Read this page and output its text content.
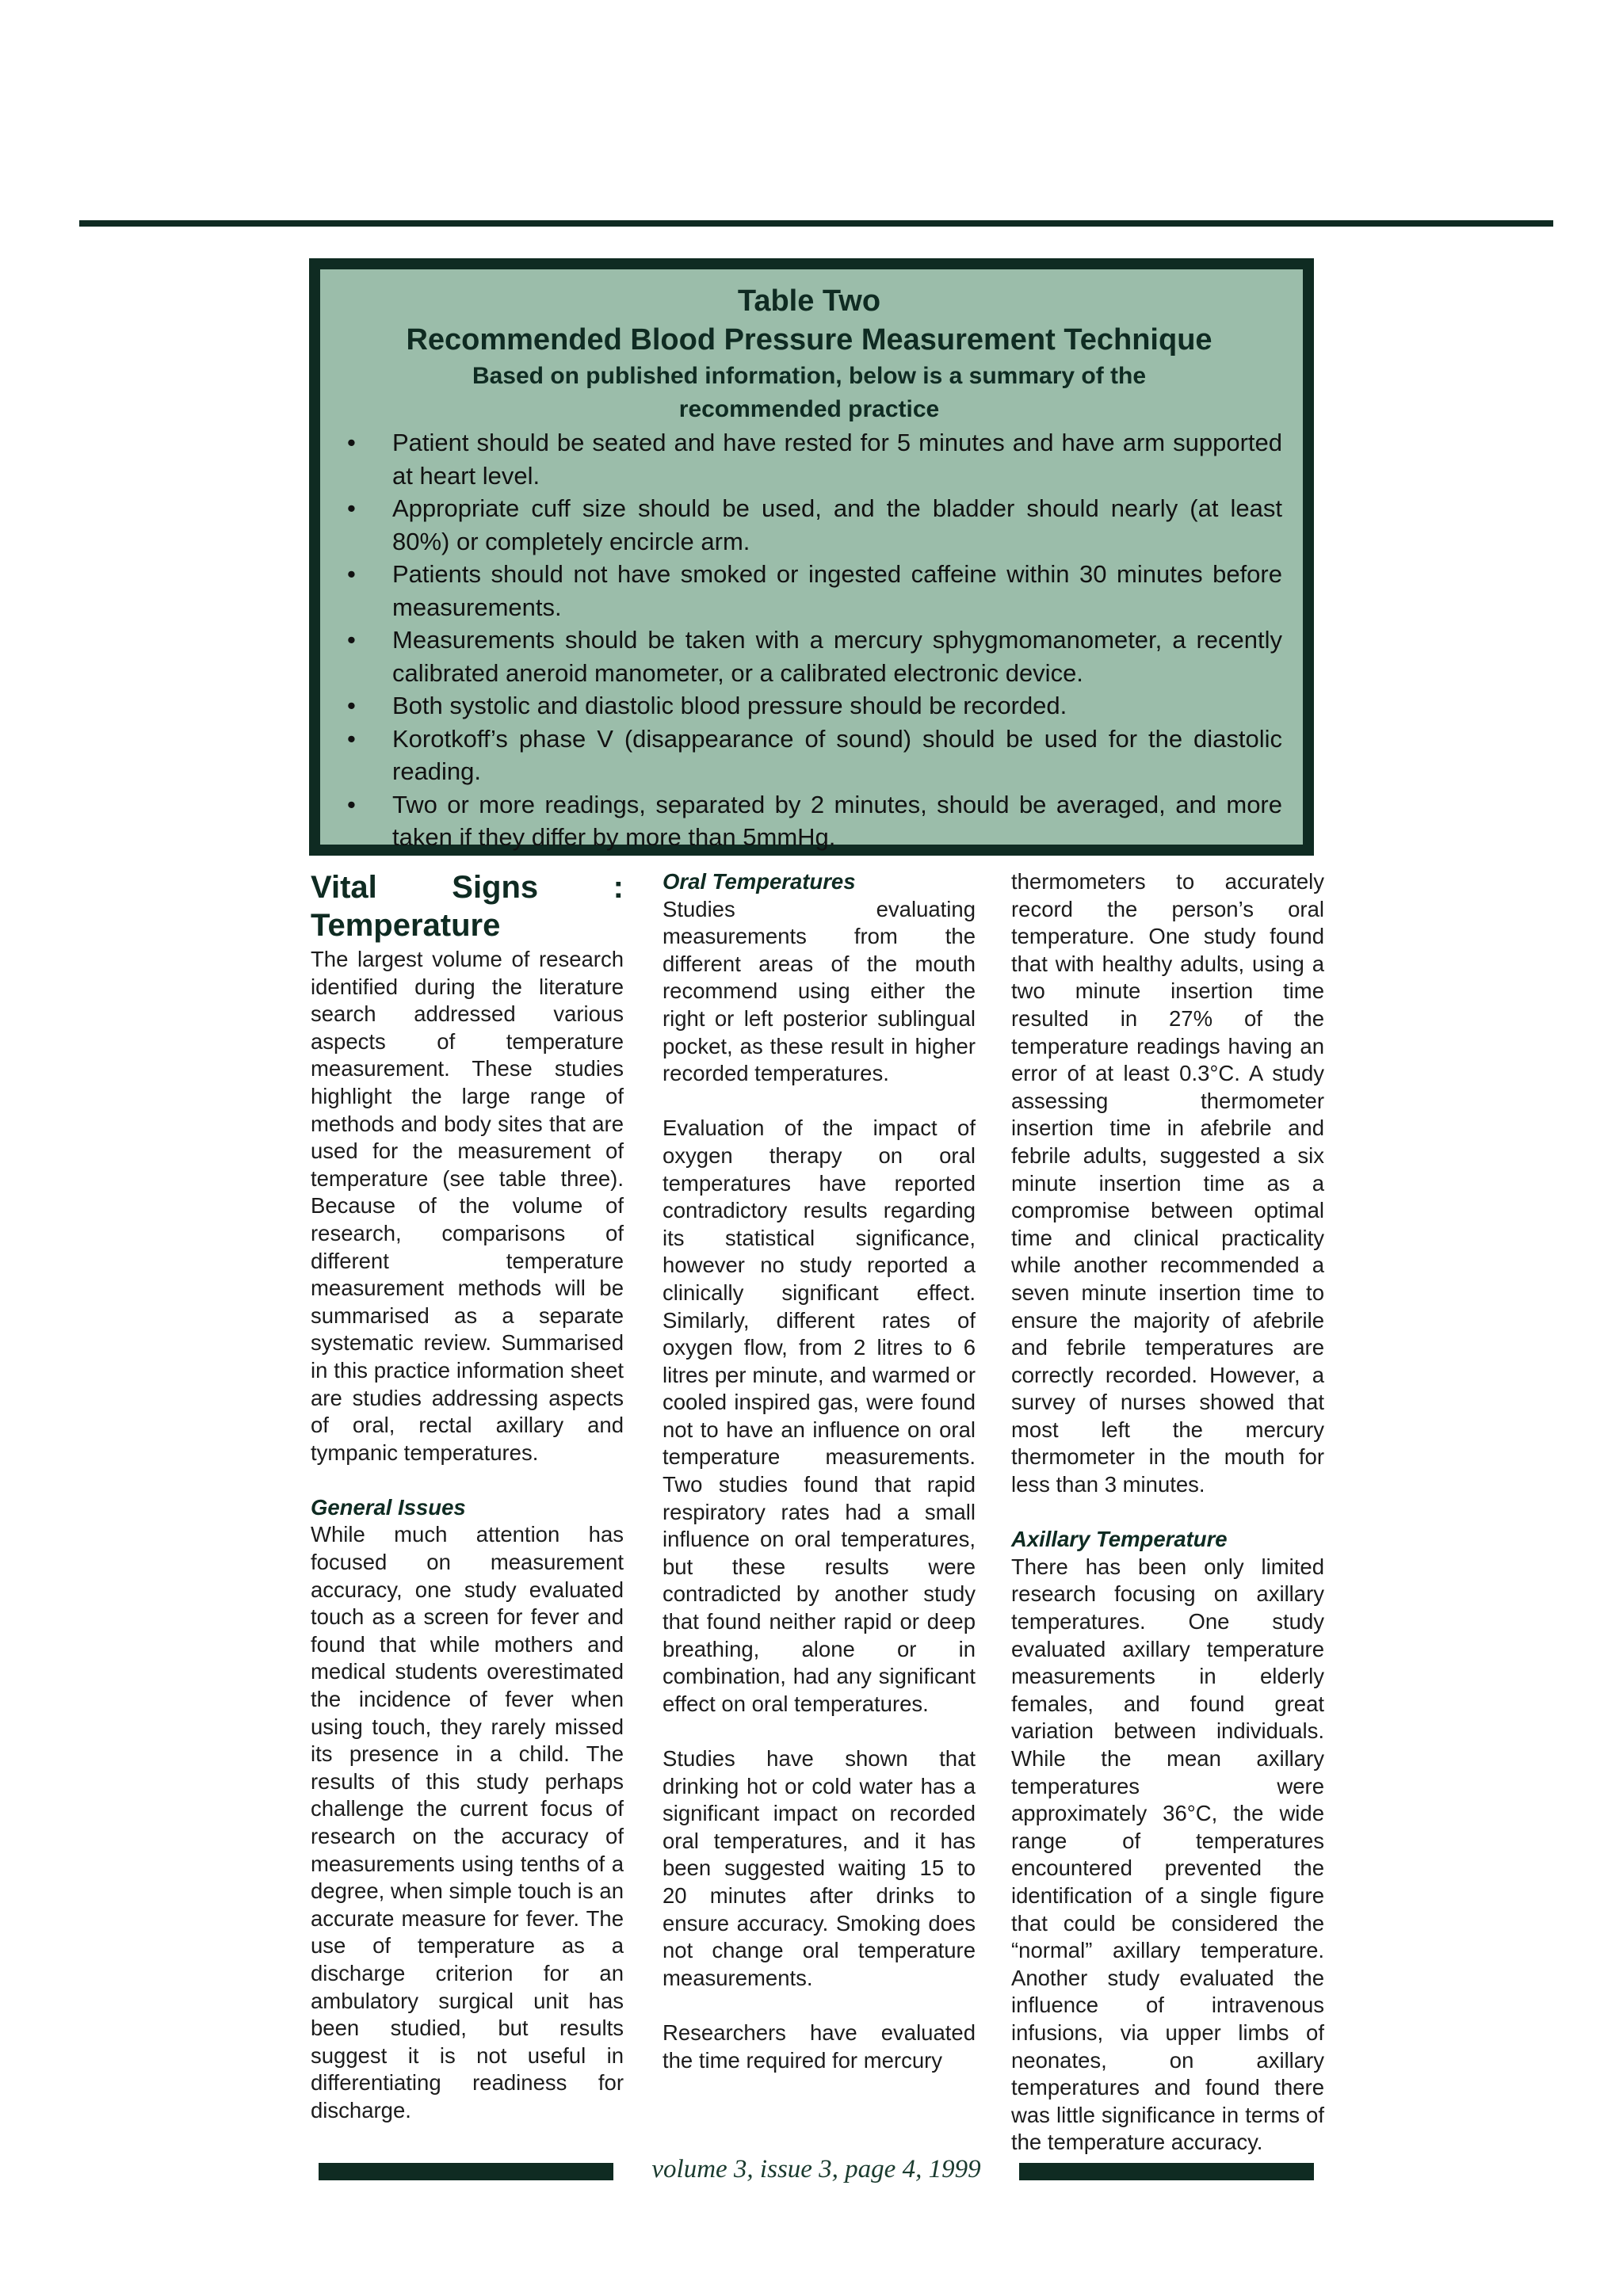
Table Two

Recommended Blood Pressure Measurement Technique

Based on published information, below is a summary of the recommended practice

• Patient should be seated and have rested for 5 minutes and have arm supported at heart level.
• Appropriate cuff size should be used, and the bladder should nearly (at least 80%) or completely encircle arm.
• Patients should not have smoked or ingested caffeine within 30 minutes before measurements.
• Measurements should be taken with a mercury sphygmomanometer, a recently calibrated aneroid manometer, or a calibrated electronic device.
• Both systolic and diastolic blood pressure should be recorded.
• Korotkoff’s phase V (disappearance of sound) should be used for the diastolic reading.
• Two or more readings, separated by 2 minutes, should be averaged, and more taken if they differ by more than 5mmHg.
Vital Signs : Temperature

The largest volume of research identified during the literature search addressed various aspects of temperature measurement. These studies highlight the large range of methods and body sites that are used for the measurement of temperature (see table three). Because of the volume of research, comparisons of different temperature measurement methods will be summarised as a separate systematic review. Summarised in this practice information sheet are studies addressing aspects of oral, rectal axillary and tympanic temperatures.

General Issues

While much attention has focused on measurement accuracy, one study evaluated touch as a screen for fever and found that while mothers and medical students overestimated the incidence of fever when using touch, they rarely missed its presence in a child. The results of this study perhaps challenge the current focus of research on the accuracy of measurements using tenths of a degree, when simple touch is an accurate measure for fever. The use of temperature as a discharge criterion for an ambulatory surgical unit has been studied, but results suggest it is not useful in differentiating readiness for discharge.

Oral Temperatures

Studies evaluating measurements from the different areas of the mouth recommend using either the right or left posterior sublingual pocket, as these result in higher recorded temperatures.

Evaluation of the impact of oxygen therapy on oral temperatures have reported contradictory results regarding its statistical significance, however no study reported a clinically significant effect. Similarly, different rates of oxygen flow, from 2 litres to 6 litres per minute, and warmed or cooled inspired gas, were found not to have an influence on oral temperature measurements. Two studies found that rapid respiratory rates had a small influence on oral temperatures, but these results were contradicted by another study that found neither rapid or deep breathing, alone or in combination, had any significant effect on oral temperatures.

Studies have shown that drinking hot or cold water has a significant impact on recorded oral temperatures, and it has been suggested waiting 15 to 20 minutes after drinks to ensure accuracy. Smoking does not change oral temperature measurements.

Researchers have evaluated the time required for mercury

thermometers to accurately record the person’s oral temperature. One study found that with healthy adults, using a two minute insertion time resulted in 27% of the temperature readings having an error of at least 0.3°C. A study assessing thermometer insertion time in afebrile and febrile adults, suggested a six minute insertion time as a compromise between optimal time and clinical practicality while another recommended a seven minute insertion time to ensure the majority of afebrile and febrile temperatures are correctly recorded. However, a survey of nurses showed that most left the mercury thermometer in the mouth for less than 3 minutes.

Axillary Temperature

There has been only limited research focusing on axillary temperatures. One study evaluated axillary temperature measurements in elderly females, and found great variation between individuals. While the mean axillary temperatures were approximately 36°C, the wide range of temperatures encountered prevented the identification of a single figure that could be considered the “normal” axillary temperature. Another study evaluated the influence of intravenous infusions, via upper limbs of neonates, on axillary temperatures and found there was little significance in terms of the temperature accuracy.

volume 3, issue 3, page 4, 1999
